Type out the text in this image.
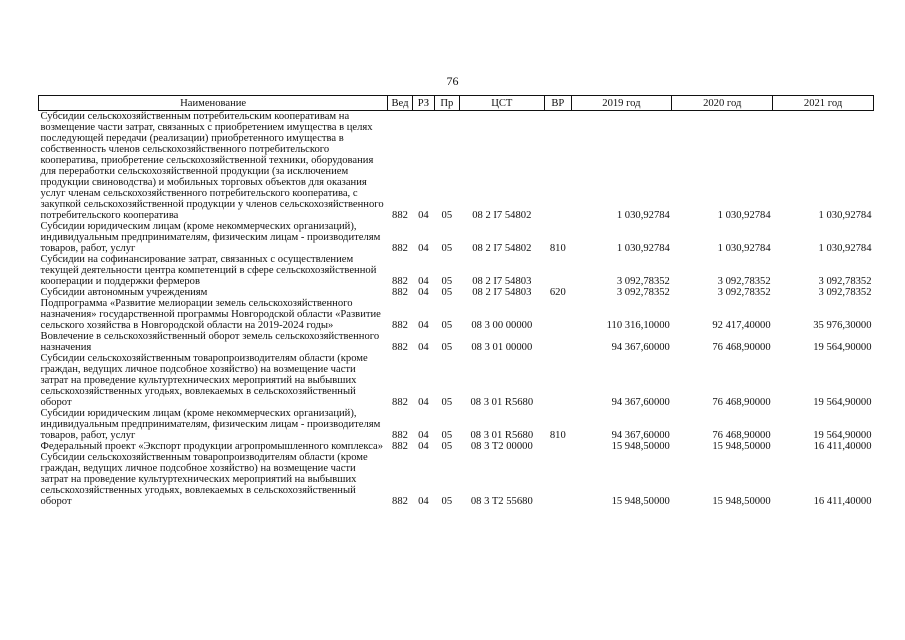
76
Наименование	Вед	РЗ	Пр	ЦСТ	ВР	2019 год	2020 год	2021 год
Субсидии сельскохозяйственным потребительским кооперативам на возмещение части затрат, связанных с приобретением имущества в целях последующей передачи (реализации) приобретенного имущества в собственность членов сельскохозяйственного потребительского кооператива, приобретение сельскохозяйственной техники, оборудования для переработки сельскохозяйственной продукции (за исключением продукции свиноводства) и мобильных торговых объектов для оказания услуг членам сельскохозяйственного потребительского кооператива, с закупкой сельскохозяйственной продукции у членов сельскохозяйственного потребительского кооператива	882	04	05	08 2 I7 54802		1 030,92784	1 030,92784	1 030,92784
Субсидии юридическим лицам (кроме некоммерческих организаций), индивидуальным предпринимателям, физическим лицам - производителям товаров, работ, услуг	882	04	05	08 2 I7 54802	810	1 030,92784	1 030,92784	1 030,92784
Субсидии на софинансирование затрат, связанных с осуществлением текущей деятельности центра компетенций в сфере сельскохозяйственной кооперации и поддержки фермеров	882	04	05	08 2 I7 54803		3 092,78352	3 092,78352	3 092,78352
Субсидии автономным учреждениям	882	04	05	08 2 I7 54803	620	3 092,78352	3 092,78352	3 092,78352
Подпрограмма «Развитие мелиорации земель сельскохозяйственного назначения» государственной программы Новгородской области «Развитие сельского хозяйства в Новгородской области на 2019-2024 годы»	882	04	05	08 3 00 00000		110 316,10000	92 417,40000	35 976,30000
Вовлечение в сельскохозяйственный оборот земель сельскохозяйственного назначения	882	04	05	08 3 01 00000		94 367,60000	76 468,90000	19 564,90000
Субсидии сельскохозяйственным товаропроизводителям области (кроме граждан, ведущих личное подсобное хозяйство) на возмещение части затрат на проведение культуртехнических мероприятий на выбывших сельскохозяйственных угодьях, вовлекаемых в сельскохозяйственный оборот	882	04	05	08 3 01 R5680		94 367,60000	76 468,90000	19 564,90000
Субсидии юридическим лицам (кроме некоммерческих организаций), индивидуальным предпринимателям, физическим лицам - производителям товаров, работ, услуг	882	04	05	08 3 01 R5680	810	94 367,60000	76 468,90000	19 564,90000
Федеральный проект «Экспорт продукции агропромышленного комплекса»	882	04	05	08 3 T2 00000		15 948,50000	15 948,50000	16 411,40000
Субсидии сельскохозяйственным товаропроизводителям области (кроме граждан, ведущих личное подсобное хозяйство) на возмещение части затрат на проведение культуртехнических мероприятий на выбывших сельскохозяйственных угодьях, вовлекаемых в сельскохозяйственный оборот	882	04	05	08 3 T2 55680		15 948,50000	15 948,50000	16 411,40000
